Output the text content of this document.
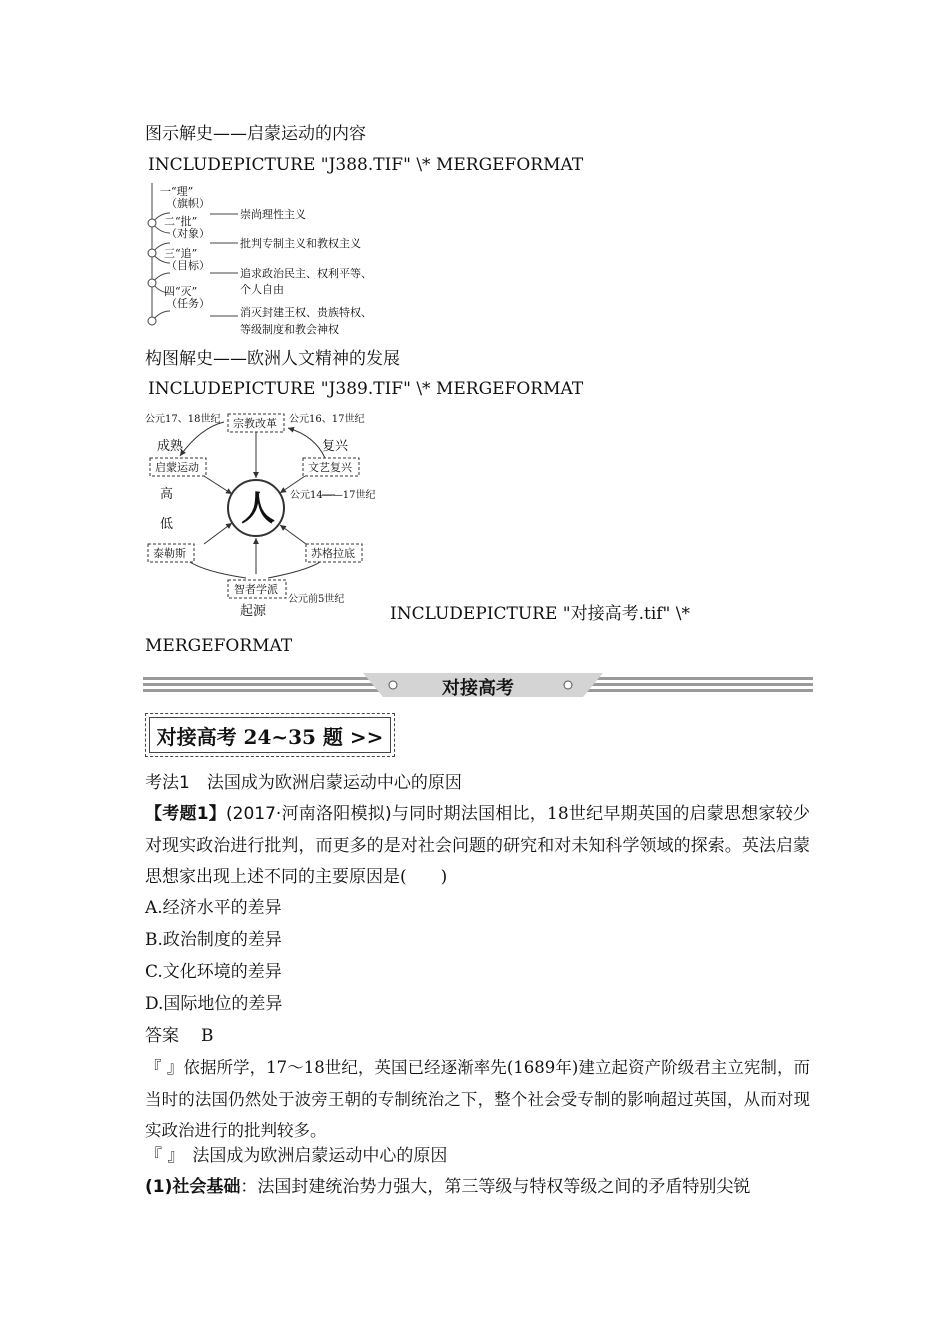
图示解史——启蒙运动的内容
INCLUDEPICTURE "J388.TIF" \* MERGEFORMAT
一“理”
（旗帜）
崇尚理性主义
二“批”
（对象）
批判专制主义和教权主义
三“追”
（目标）
追求政治民主、权利平等、
个人自由
四“灭”
（任务）
消灭封建王权、贵族特权、
等级制度和教会神权
构图解史——欧洲人文精神的发展
INCLUDEPICTURE "J389.TIF" \* MERGEFORMAT
宗教改革
文艺复兴
启蒙运动
泰勒斯	苏格拉底
智者学派
公元17、18世纪	公元16、17世纪
成熟	复兴
高
低
公元14——17世纪
公元前5世纪
起源
人
INCLUDEPICTURE "对接高考.tif" \*
MERGEFORMAT
对接高考
对接高考 24~35 题 >>
考法1　法国成为欧洲启蒙运动中心的原因
【考题1】(2017·河南洛阳模拟)与同时期法国相比，18世纪早期英国的启蒙思想家较少对现实政治进行批判，而更多的是对社会问题的研究和对未知科学领域的探索。英法启蒙思想家出现上述不同的主要原因是(　　)
A.经济水平的差异
B.政治制度的差异
C.文化环境的差异
D.国际地位的差异
答案 B
『 』依据所学，17～18世纪，英国已经逐渐率先(1689年)建立起资产阶级君主立宪制，而当时的法国仍然处于波旁王朝的专制统治之下，整个社会受专制的影响超过英国，从而对现实政治进行的批判较多。
『 』 法国成为欧洲启蒙运动中心的原因
(1)社会基础：法国封建统治势力强大，第三等级与特权等级之间的矛盾特别尖锐
